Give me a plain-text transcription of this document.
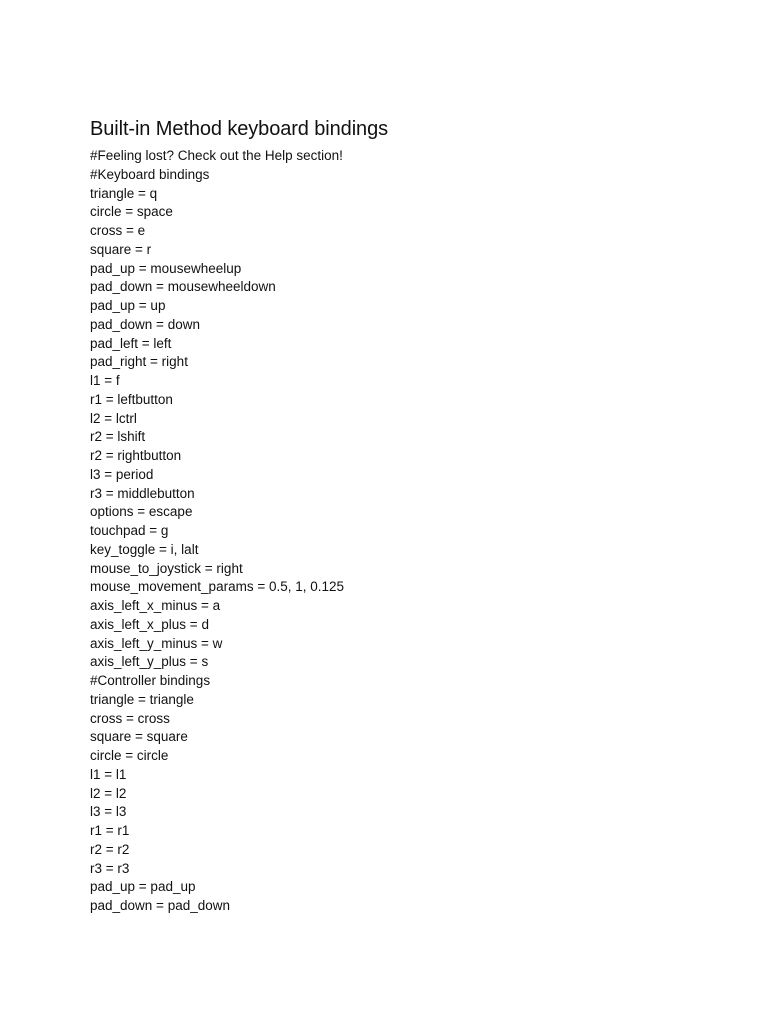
Built-in Method keyboard bindings
#Feeling lost? Check out the Help section!
#Keyboard bindings
triangle = q
circle = space
cross = e
square = r
pad_up = mousewheelup
pad_down = mousewheeldown
pad_up = up
pad_down = down
pad_left = left
pad_right = right
l1 = f
r1 = leftbutton
l2 = lctrl
r2 = lshift
r2 = rightbutton
l3 = period
r3 = middlebutton
options = escape
touchpad = g
key_toggle = i, lalt
mouse_to_joystick = right
mouse_movement_params = 0.5, 1, 0.125
axis_left_x_minus = a
axis_left_x_plus = d
axis_left_y_minus = w
axis_left_y_plus = s
#Controller bindings
triangle = triangle
cross = cross
square = square
circle = circle
l1 = l1
l2 = l2
l3 = l3
r1 = r1
r2 = r2
r3 = r3
pad_up = pad_up
pad_down = pad_down
